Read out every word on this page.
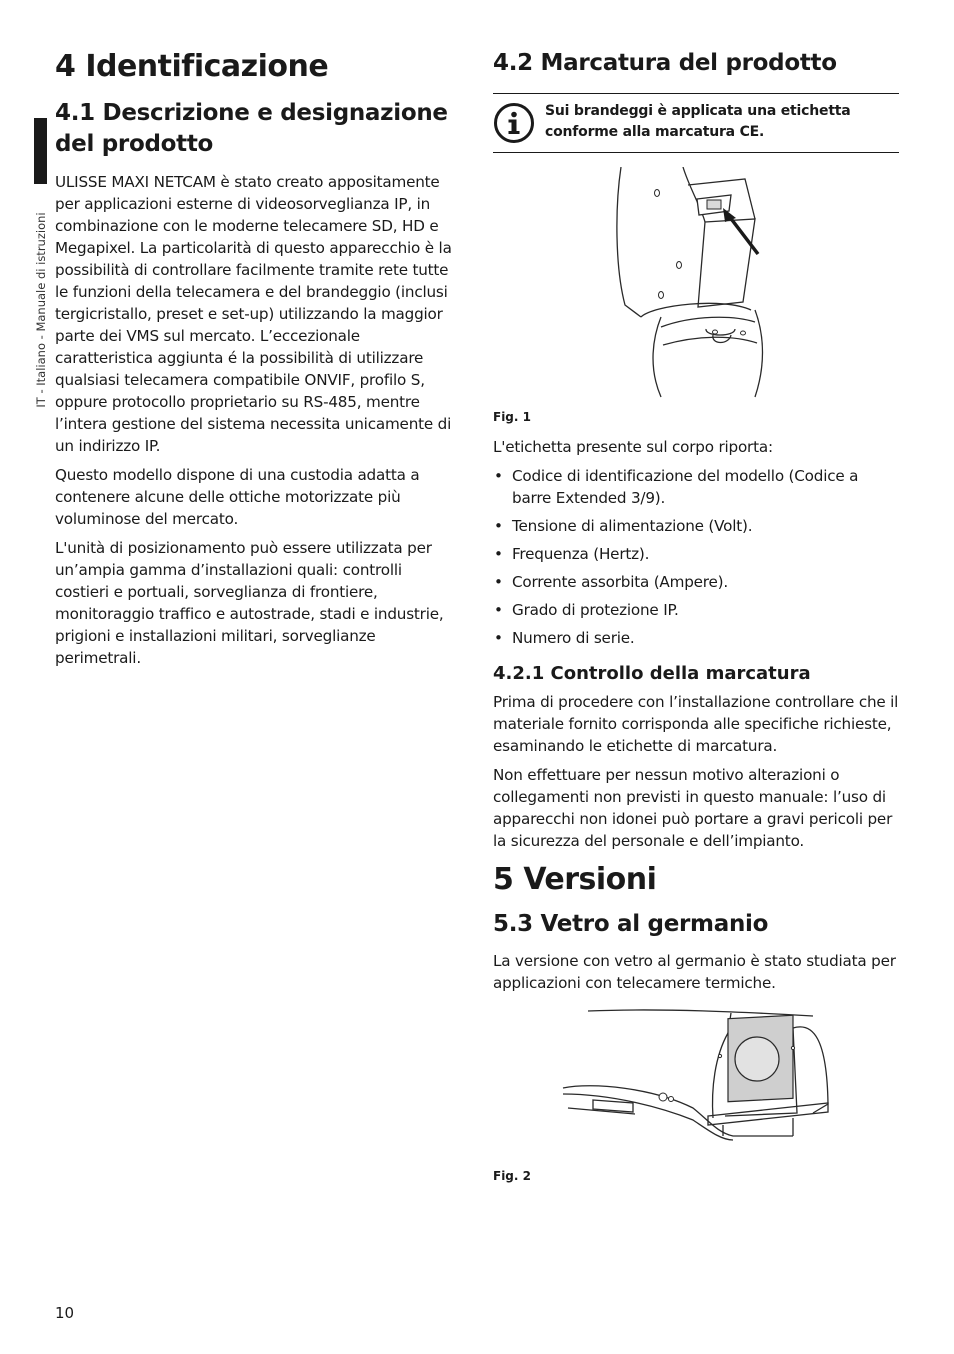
IT - Italiano - Manuale di istruzioni
4 Identificazione
4.1 Descrizione e designazione del prodotto

ULISSE MAXI NETCAM è stato creato appositamente per applicazioni esterne di videosorveglianza IP, in combinazione con le moderne telecamere SD, HD e Megapixel. La particolarità di questo apparecchio è la possibilità di controllare facilmente tramite rete tutte le funzioni della telecamera e del brandeggio (inclusi tergicristallo, preset e set-up) utilizzando la maggior parte dei VMS sul mercato. L’eccezionale caratteristica aggiunta é la possibilità di utilizzare qualsiasi telecamera compatibile ONVIF, profilo S, oppure protocollo proprietario su RS-485, mentre l’intera gestione del sistema necessita unicamente di un indirizzo IP.

Questo modello dispone di una custodia adatta a contenere alcune delle ottiche motorizzate più voluminose del mercato.

L'unità di posizionamento può essere utilizzata per un’ampia gamma d’installazioni quali: controlli costieri e portuali, sorveglianza di frontiere, monitoraggio traffico e autostrade, stadi e industrie, prigioni e installazioni militari, sorveglianze perimetrali.

4.2 Marcatura del prodotto
Sui brandeggi è applicata una etichetta conforme alla marcatura CE.
Fig. 1

L'etichetta presente sul corpo riporta:

• Codice di identificazione del modello (Codice a barre Extended 3/9).
• Tensione di alimentazione (Volt).
• Frequenza (Hertz).
• Corrente assorbita (Ampere).
• Grado di protezione IP.
• Numero di serie.
4.2.1 Controllo della marcatura

Prima di procedere con l’installazione controllare che il materiale fornito corrisponda alle specifiche richieste, esaminando le etichette di marcatura.

Non effettuare per nessun motivo alterazioni o collegamenti non previsti in questo manuale: l’uso di apparecchi non idonei può portare a gravi pericoli per la sicurezza del personale e dell’impianto.

5 Versioni
5.3 Vetro al germanio

La versione con vetro al germanio è stato studiata per applicazioni con telecamere termiche.

Fig. 2
10
